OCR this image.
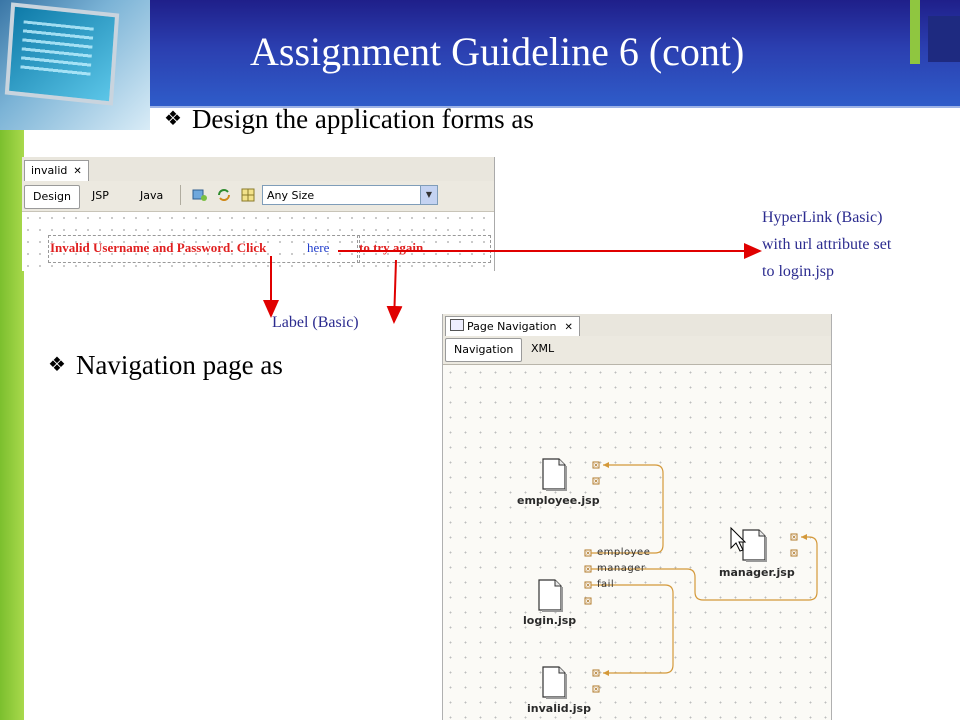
Assignment Guideline 6 (cont)
❖ Design the application forms as
❖ Navigation page as
invalid ✕
Design	JSP	Java	Any Size	▼
Invalid Username and Password. Click	here to try again
HyperLink (Basic)
with url attribute set
to login.jsp
Label (Basic)	Page Navigation ✕
Navigation	XML
employee.jsp
login.jsp
invalid.jsp
manager.jsp
employee
manager
fail
